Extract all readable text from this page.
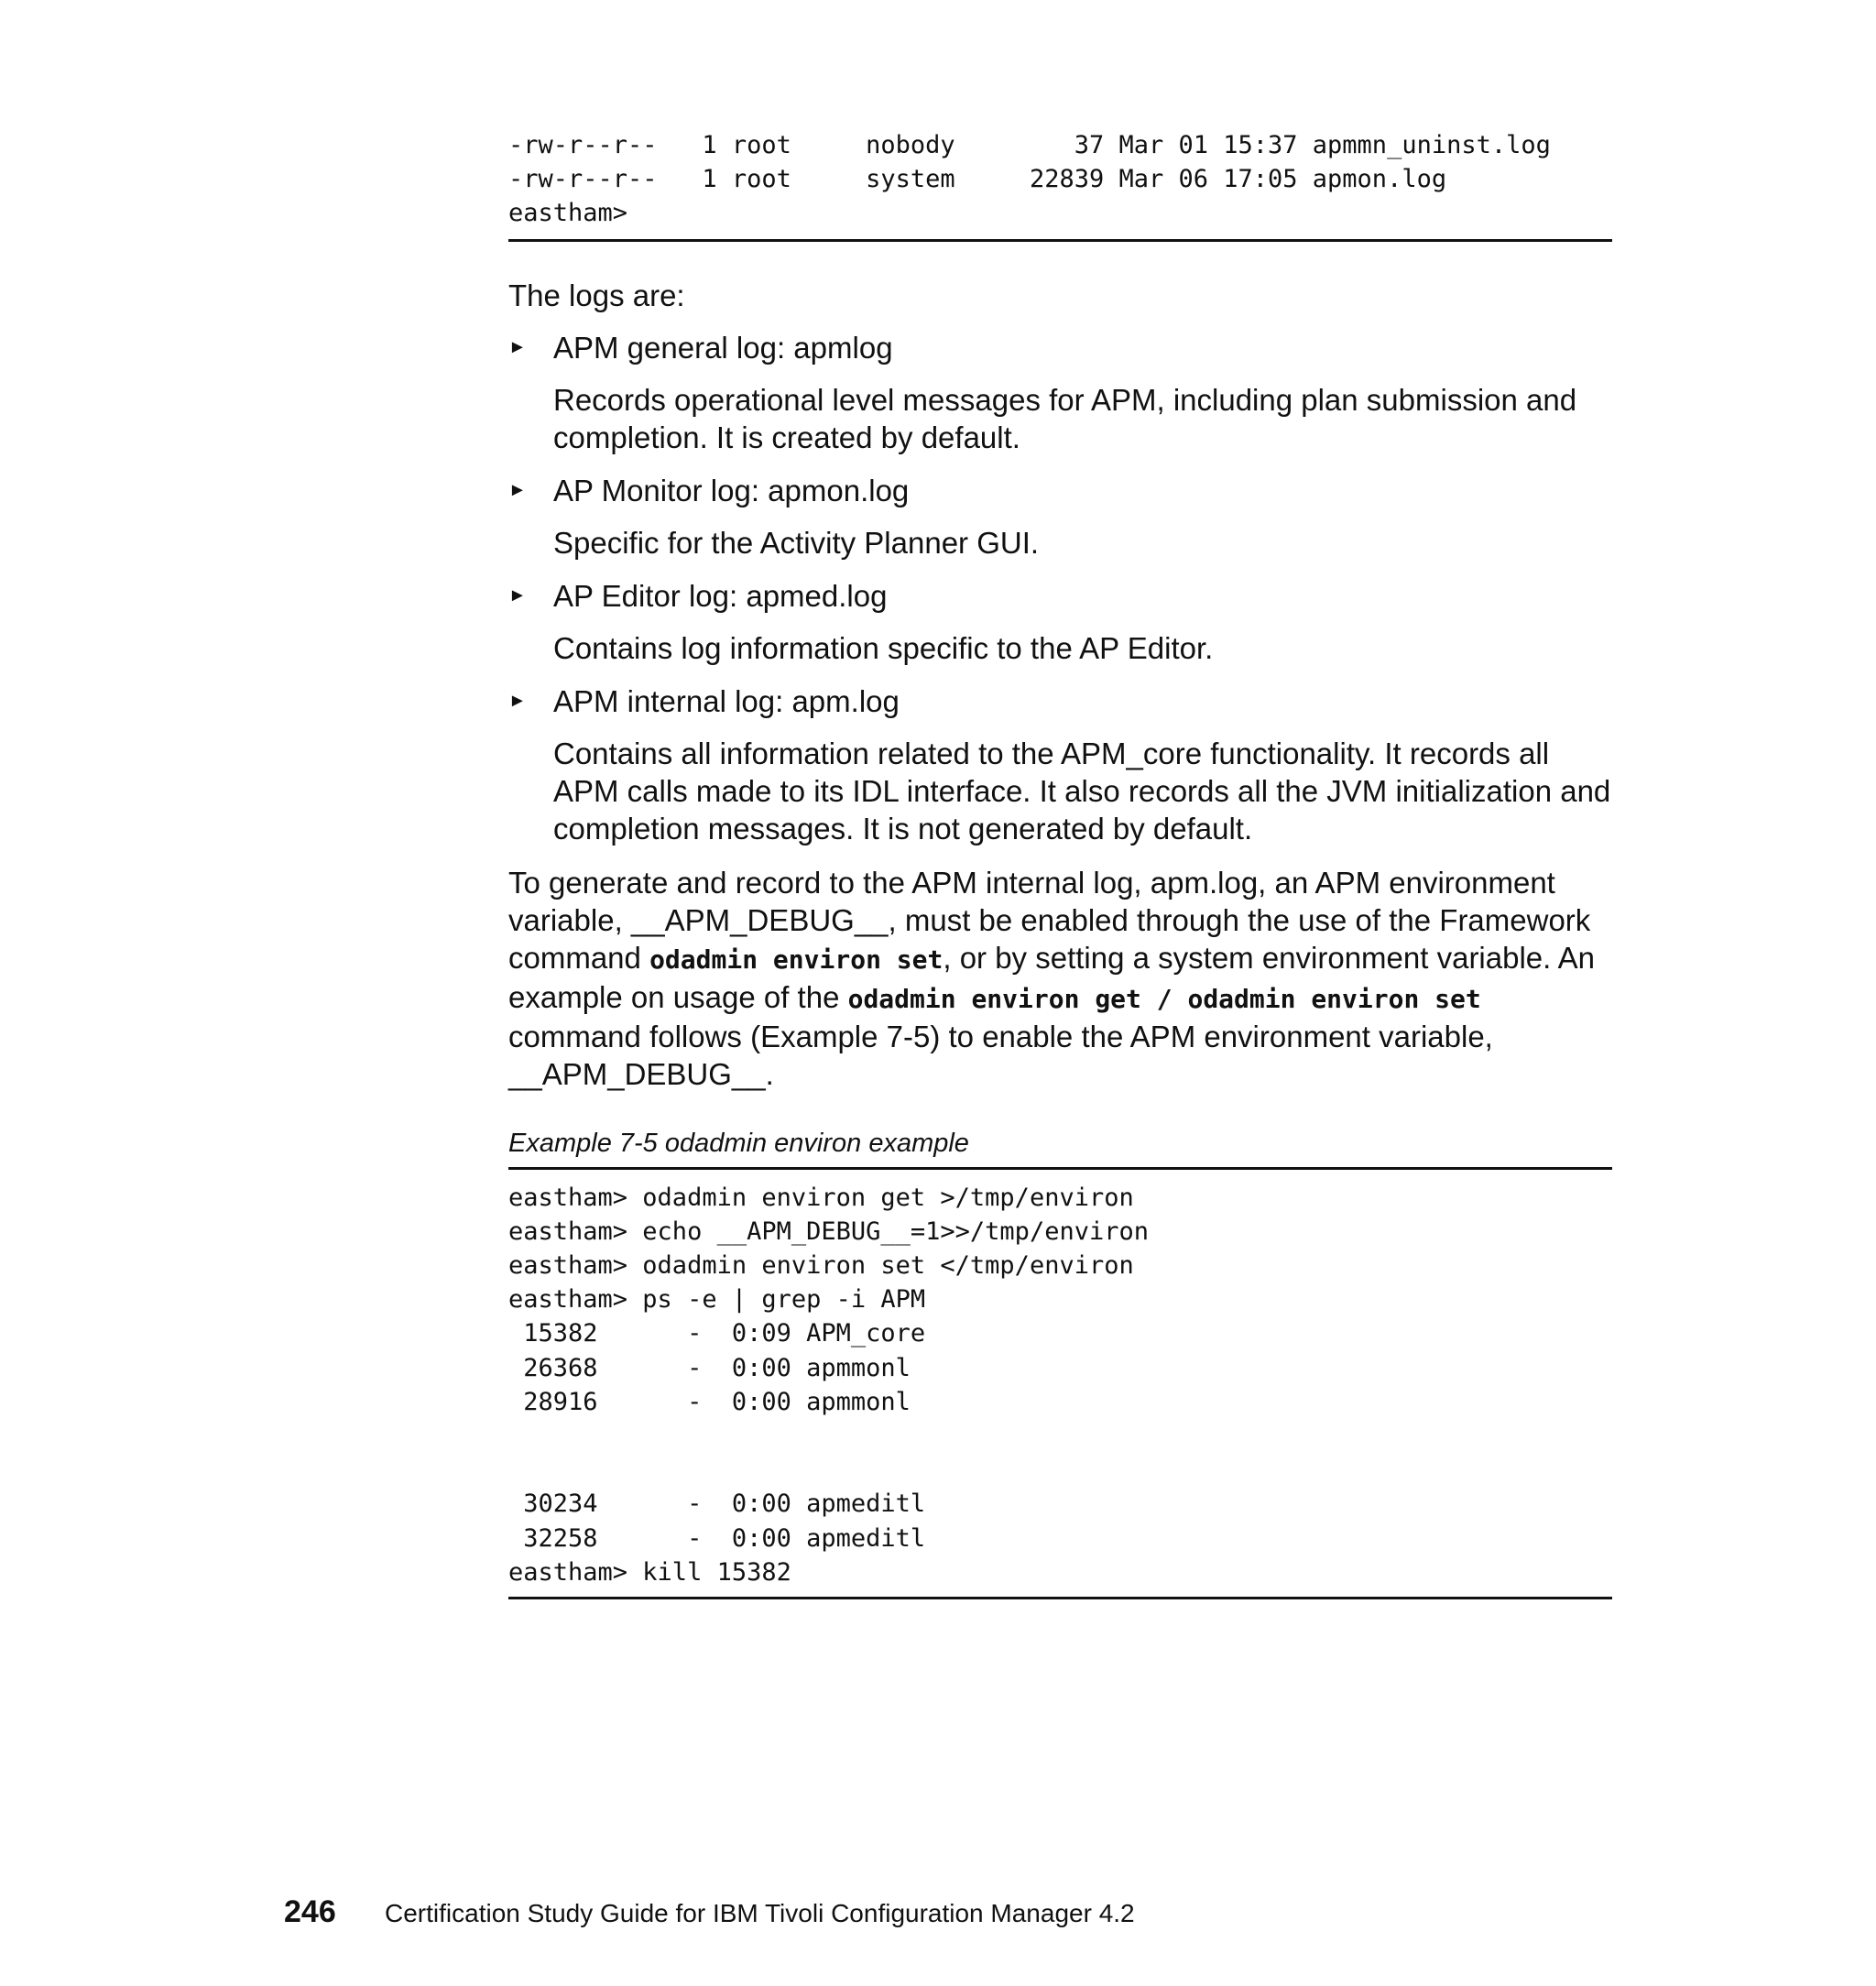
-rw-r--r--   1 root     nobody        37 Mar 01 15:37 apmmn_uninst.log
-rw-r--r--   1 root     system     22839 Mar 06 17:05 apmon.log
eastham>

The logs are:

► APM general log: apmlog

Records operational level messages for APM, including plan submission and completion. It is created by default.

► AP Monitor log: apmon.log

Specific for the Activity Planner GUI.

► AP Editor log: apmed.log

Contains log information specific to the AP Editor.

► APM internal log: apm.log

Contains all information related to the APM_core functionality. It records all APM calls made to its IDL interface. It also records all the JVM initialization and completion messages. It is not generated by default.

To generate and record to the APM internal log, apm.log, an APM environment variable, __APM_DEBUG__, must be enabled through the use of the Framework command odadmin environ set, or by setting a system environment variable. An example on usage of the odadmin environ get / odadmin environ set command follows (Example 7-5) to enable the APM environment variable, __APM_DEBUG__.

Example 7-5 odadmin environ example

eastham> odadmin environ get >/tmp/environ
eastham> echo __APM_DEBUG__=1>>/tmp/environ
eastham> odadmin environ set </tmp/environ
eastham> ps -e | grep -i APM
15382      -  0:09 APM_core
26368      -  0:00 apmmonl
28916      -  0:00 apmmonl

30234      -  0:00 apmeditl
32258      -  0:00 apmeditl
eastham> kill 15382
246	Certification Study Guide for IBM Tivoli Configuration Manager 4.2
